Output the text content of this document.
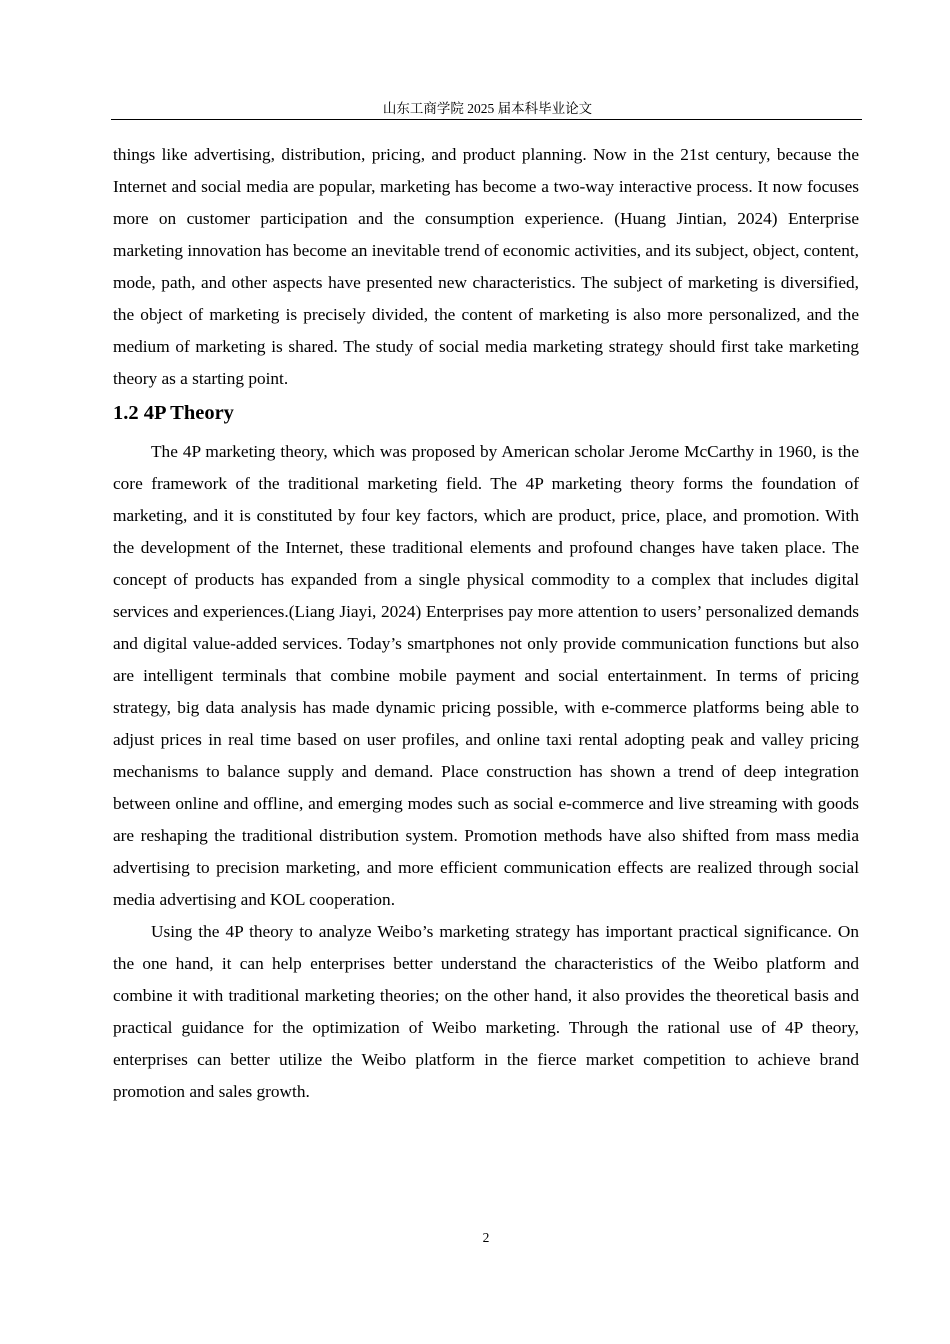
山东工商学院 2025 届本科毕业论文

things like advertising, distribution, pricing, and product planning. Now in the 21st century, because the Internet and social media are popular, marketing has become a two-way interactive process. It now focuses more on customer participation and the consumption experience. (Huang Jintian, 2024) Enterprise marketing innovation has become an inevitable trend of economic activities, and its subject, object, content, mode, path, and other aspects have presented new characteristics. The subject of marketing is diversified, the object of marketing is precisely divided, the content of marketing is also more personalized, and the medium of marketing is shared. The study of social media marketing strategy should first take marketing theory as a starting point.

1.2 4P Theory

The 4P marketing theory, which was proposed by American scholar Jerome McCarthy in 1960, is the core framework of the traditional marketing field. The 4P marketing theory forms the foundation of marketing, and it is constituted by four key factors, which are product, price, place, and promotion. With the development of the Internet, these traditional elements and profound changes have taken place. The concept of products has expanded from a single physical commodity to a complex that includes digital services and experiences.(Liang Jiayi, 2024) Enterprises pay more attention to users’ personalized demands and digital value-added services. Today’s smartphones not only provide communication functions but also are intelligent terminals that combine mobile payment and social entertainment. In terms of pricing strategy, big data analysis has made dynamic pricing possible, with e-commerce platforms being able to adjust prices in real time based on user profiles, and online taxi rental adopting peak and valley pricing mechanisms to balance supply and demand. Place construction has shown a trend of deep integration between online and offline, and emerging modes such as social e-commerce and live streaming with goods are reshaping the traditional distribution system. Promotion methods have also shifted from mass media advertising to precision marketing, and more efficient communication effects are realized through social media advertising and KOL cooperation.

Using the 4P theory to analyze Weibo’s marketing strategy has important practical significance. On the one hand, it can help enterprises better understand the characteristics of the Weibo platform and combine it with traditional marketing theories; on the other hand, it also provides the theoretical basis and practical guidance for the optimization of Weibo marketing. Through the rational use of 4P theory, enterprises can better utilize the Weibo platform in the fierce market competition to achieve brand promotion and sales growth.

2
